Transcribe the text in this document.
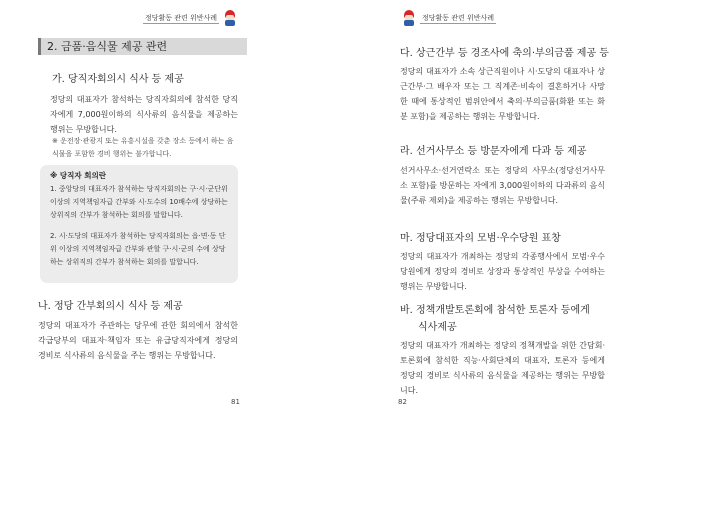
정당활동 관련 위반사례
2. 금품·음식물 제공 관련
가. 당직자회의시 식사 등 제공

정당의 대표자가 참석하는 당직자회의에 참석한 당직자에게 7,000원이하의 식사류의 음식물을 제공하는 행위는 무방합니다.

※ 운전장·관광지 또는 유흥시설을 갖춘 장소 등에서 하는 음식물을 포함한 경비 행위는 불가합니다.

※ 당직자 회의란

1. 중앙당의 대표자가 참석하는 당직자회의는 구·시·군단위 이상의 지역책임자급 간부와 시·도수의 10배수에 상당하는 상위직의 간부가 참석하는 회의를 말합니다.

2. 시·도당의 대표자가 참석하는 당직자회의는 읍·면·동 단위 이상의 지역책임자급 간부와 관할 구·시·군의 수에 상당하는 상위직의 간부가 참석하는 회의를 말합니다.

나. 정당 간부회의시 식사 등 제공

정당의 대표자가 주관하는 당무에 관한 회의에서 참석한 각급당부의 대표자·책임자 또는 유급당직자에게 정당의 경비로 식사류의 음식물을 주는 행위는 무방합니다.

81
정당활동 관련 위반사례
다. 상근간부 등 경조사에 축의·부의금품 제공 등

정당의 대표자가 소속 상근직원이나 시·도당의 대표자나 상근간부·그 배우자 또는 그 직계존·비속이 결혼하거나 사망한 때에 통상적인 범위안에서 축의·부의금품(화환 또는 화분 포함)을 제공하는 행위는 무방합니다.

라. 선거사무소 등 방문자에게 다과 등 제공

선거사무소·선거연락소 또는 정당의 사무소(정당선거사무소 포함)를 방문하는 자에게 3,000원이하의 다과류의 음식물(주류 제외)을 제공하는 행위는 무방합니다.

마. 정당대표자의 모범·우수당원 표창

정당의 대표자가 개최하는 정당의 각종행사에서 모범·우수당원에게 정당의 경비로 상장과 통상적인 부상을 수여하는 행위는 무방합니다.

바. 정책개발토론회에 참석한 토론자 등에게
식사제공

정당의 대표자가 개최하는 정당의 정책개발을 위한 간담회·토론회에 참석한 직능·사회단체의 대표자, 토론자 등에게 정당의 경비로 식사류의 음식물을 제공하는 행위는 무방합니다.

82
